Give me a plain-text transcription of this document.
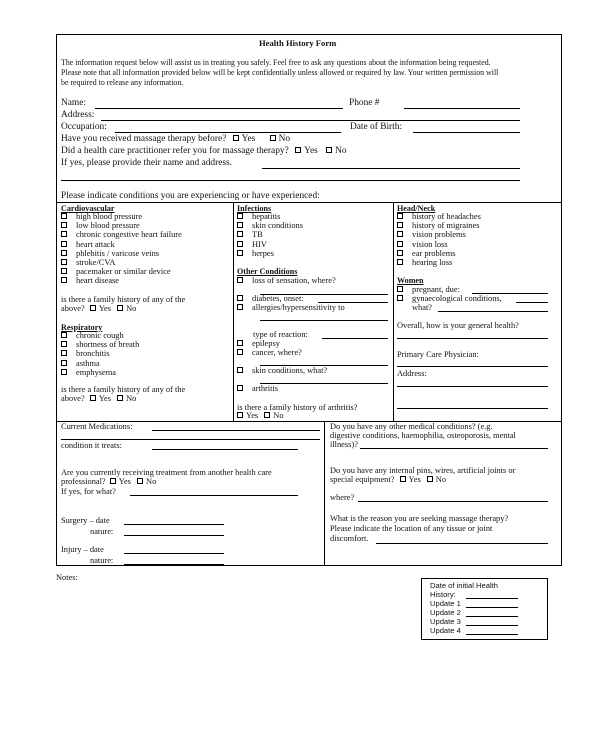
Health History Form
The information request below will assist us in treating you safely. Feel free to ask any questions about the information being requested.
Please note that all information provided below will be kept confidentially unless allowed or required by law. Your written permission will
be required to release any information.
Name:	Phone #
Address:
Occupation:	Date of Birth:
Have you received massage therapy before? Yes No
Did a health care practitioner refer you for massage therapy? Yes No
If yes, please provide their name and address.
Please indicate conditions you are experiencing or have experienced:
Cardiovascular
high blood pressure
low blood pressure
chronic congestive heart failure
heart attack
phlebitis / varicose veins
stroke/CVA
pacemaker or similar device
heart disease
is there a family history of any of the
above? Yes No
Respiratory
chronic cough
shortness of breath
bronchitis
asthma
emphysema
is there a family history of any of the
above? Yes No
Infections
hepatitis
skin conditions
TB
HIV
herpes
Other Conditions
loss of sensation, where?
diabetes, onset:
allergies/hypersensitivity to
type of reaction:
epilepsy
cancer, where?
skin conditions, what?
arthritis
is there a family history of arthritis?
Yes No
Head/Neck
history of headaches
history of migraines
vision problems
vision loss
ear problems
hearing loss
Women
pregnant, due:
gynaecological conditions,
what?
Overall, how is your general health?
Primary Care Physician:
Address:
Current Medications:
condition it treats:
Are you currently receiving treatment from another health care
professional? Yes No
If yes, for what?
Surgery – date
nature:
Injury – date
nature:
Do you have any other medical conditions? (e.g.
digestive conditions, haemophilia, osteoporosis, mental
illness)?
Do you have any internal pins, wires, artificial joints or
special equipment? Yes No
where?
What is the reason you are seeking massage therapy?
Please indicate the location of any tissue or joint
discomfort.
Notes:
Date of initial Health
History:
Update 1
Update 2
Update 3
Update 4
